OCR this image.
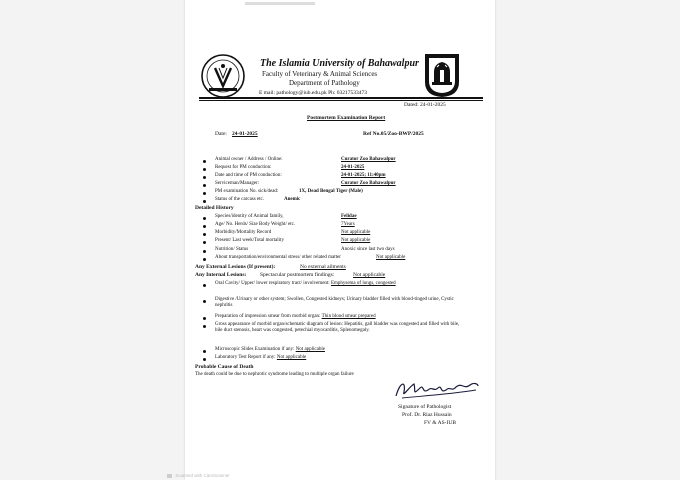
The Islamia University of Bahawalpur
Faculty of Veterinary & Animal Sciences
Department of Pathology
E mail: pathology@iub.edu.pk Ph: 03217533473
Dated: 24-01-2025
Postmortem Examination Report
Date: 24-01-2025	Ref No.05/Zoo-BWP/2025
Animal owner / Address / Online:	Curator Zoo Bahawalpur
Request for PM conduction:	24-01-2025
Date and time of PM conduction:	24-01-2025; 11:40pm
Serviceman/Manager:	Curator Zoo Bahawalpur
PM examination No. sick/dead:	1X, Dead Bengal Tiger (Male)
Status of the carcass etc.	Anemic
Detailed History
Species/identity of Animal family,	Felidae
Age/ No. Herds/ Size Body Weight/ etc.	7Years
Morbidity/Mortality Record	Not applicable
Present/ Last week/Total mortality	Not applicable
Nutrition/ Status	Anoxic since last two days
About transportation/environmental stress/ other related matter	Not applicable
Any External Lesions (If present):	No external ailments
Any Internal Lesions: Spectacular postmortem findings:	Not applicable
Oral Cavity/ Upper/ lower respiratory tract/ involvement: Emphysema of lungs, congested
Digestive /Urinary or other system; Swollen, Congested kidneys; Urinary bladder filled with blood-tinged urine, Cystic nephritis
Preparation of impression smear from morbid organ: Thin blood smear prepared
Gross appearance of morbid organ/schematic diagram of lesion: Hepatitis, gall bladder was congested and filled with bile, bile duct stenosis, heart was congested, petechial myocarditis, Splenomegaly.
Microscopic Slides Examination if any: Not applicable
Laboratory Test Report if any: Not applicable
Probable Cause of Death
The death could be due to nephrotic syndrome leading to multiple organ failure
Signature of Pathologist
Prof. Dr. Riaz Hussain
FV & AS-IUB
Scanned with CamScanner
